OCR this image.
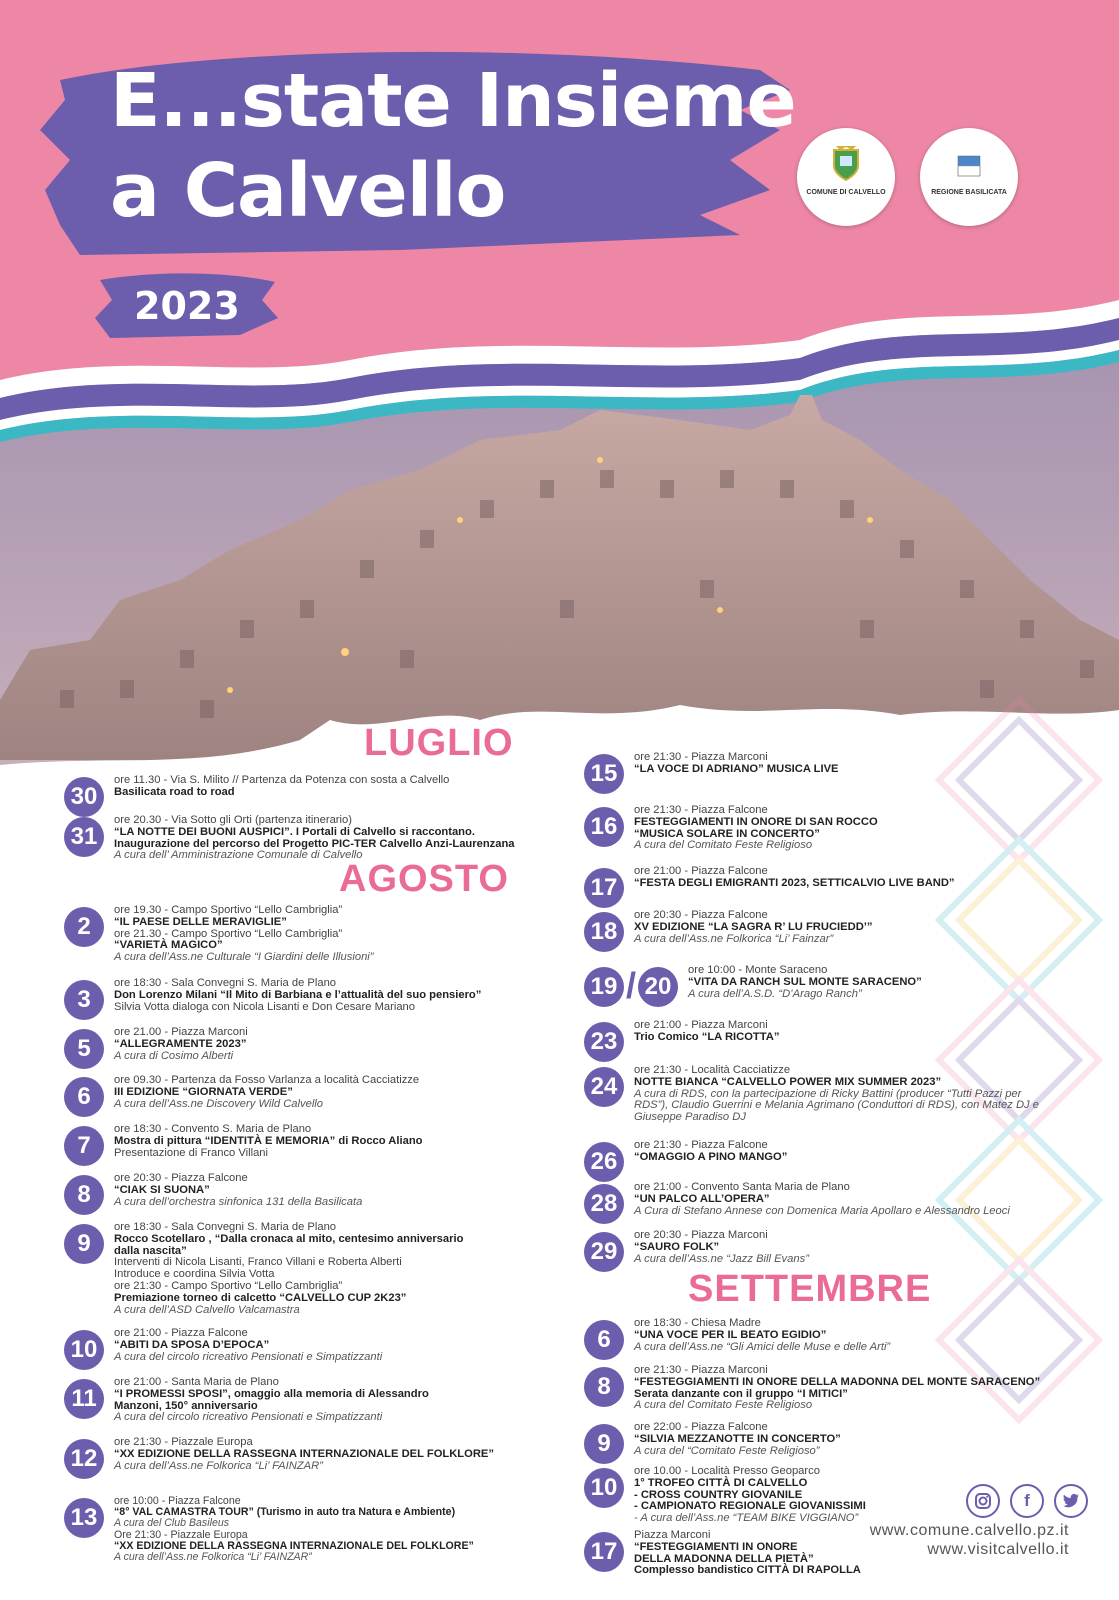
E...state Insieme
a Calvello
2023
COMUNE DI CALVELLO	REGIONE BASILICATA
LUGLIO
AGOSTO
SETTEMBRE
30
ore 11.30 - Via S. Milito // Partenza da Potenza con sosta a Calvello
Basilicata road to road
31
ore 20.30 - Via Sotto gli Orti (partenza itinerario)
“LA NOTTE DEI BUONI AUSPICI”. I Portali di Calvello si raccontano.
Inaugurazione del percorso del Progetto PIC-TER Calvello Anzi-Laurenzana
A cura dell’ Amministrazione Comunale di Calvello
2
ore 19.30 - Campo Sportivo “Lello Cambriglia”
“IL PAESE DELLE MERAVIGLIE”
ore 21.30 - Campo Sportivo “Lello Cambriglia”
“VARIETÀ MAGICO”
A cura dell’Ass.ne Culturale “I Giardini delle Illusioni”
3
ore 18:30 - Sala Convegni S. Maria de Plano
Don Lorenzo Milani “Il Mito di Barbiana e l’attualità del suo pensiero”
Silvia Votta dialoga con Nicola Lisanti e Don Cesare Mariano
5
ore 21.00 - Piazza Marconi
“ALLEGRAMENTE 2023”
A cura di Cosimo Alberti
6
ore 09.30 - Partenza da Fosso Varlanza a località Cacciatizze
III EDIZIONE “GIORNATA VERDE”
A cura dell’Ass.ne Discovery Wild Calvello
7
ore 18:30 - Convento S. Maria de Plano
Mostra di pittura “IDENTITÀ E MEMORIA” di Rocco Aliano
Presentazione di Franco Villani
8
ore 20:30 - Piazza Falcone
“CIAK SI SUONA”
A cura dell’orchestra sinfonica 131 della Basilicata
9
ore 18:30 - Sala Convegni S. Maria de Plano
Rocco Scotellaro , “Dalla cronaca al mito, centesimo anniversario
dalla nascita”
Interventi di Nicola Lisanti, Franco Villani e Roberta Alberti
Introduce e coordina Silvia Votta
ore 21:30 - Campo Sportivo “Lello Cambriglia”
Premiazione torneo di calcetto “CALVELLO CUP 2K23”
A cura dell’ASD Calvello Valcamastra
10
ore 21:00 - Piazza Falcone
“ABITI DA SPOSA D’EPOCA”
A cura del circolo ricreativo Pensionati e Simpatizzanti
11
ore 21:00 - Santa Maria de Plano
“I PROMESSI SPOSI”, omaggio alla memoria di Alessandro
Manzoni, 150° anniversario
A cura del circolo ricreativo Pensionati e Simpatizzanti
12
ore 21:30 - Piazzale Europa
“XX EDIZIONE DELLA RASSEGNA INTERNAZIONALE DEL FOLKLORE”
A cura dell’Ass.ne Folkorica “Li’ FAINZAR”
13
ore 10:00 - Piazza Falcone
“8° VAL CAMASTRA TOUR” (Turismo in auto tra Natura e Ambiente)
A cura del Club Basileus
Ore 21:30 - Piazzale Europa
“XX EDIZIONE DELLA RASSEGNA INTERNAZIONALE DEL FOLKLORE”
A cura dell’Ass.ne Folkorica “Li’ FAINZAR”
15
ore 21:30 - Piazza Marconi
“LA VOCE DI ADRIANO” MUSICA LIVE
16
ore 21:30 - Piazza Falcone
FESTEGGIAMENTI IN ONORE DI SAN ROCCO
“MUSICA SOLARE IN CONCERTO”
A cura del Comitato Feste Religioso
17
ore 21:00 - Piazza Falcone
“FESTA DEGLI EMIGRANTI 2023, SETTICALVIO LIVE BAND”
18
ore 20:30 - Piazza Falcone
XV EDIZIONE “LA SAGRA R’ LU FRUCIEDD’”
A cura dell’Ass.ne Folkorica “Li’ Fainzar”
19 / 20
ore 10:00 - Monte Saraceno
“VITA DA RANCH SUL MONTE SARACENO”
A cura dell’A.S.D. “D’Arago Ranch”
23
ore 21:00 - Piazza Marconi
Trio Comico “LA RICOTTA”
24
ore 21:30 - Località Cacciatizze
NOTTE BIANCA “CALVELLO POWER MIX SUMMER 2023”
A cura di RDS, con la partecipazione di Ricky Battini (producer “Tutti Pazzi per RDS”), Claudio Guerrini e Melania Agrimano (Conduttori di RDS), con Matez DJ e Giuseppe Paradiso DJ
26
ore 21:30 - Piazza Falcone
“OMAGGIO A PINO MANGO”
28
ore 21:00 - Convento Santa Maria de Plano
“UN PALCO ALL’OPERA”
A Cura di Stefano Annese con Domenica Maria Apollaro e Alessandro Leoci
29
ore 20:30 - Piazza Marconi
“SAURO FOLK”
A cura dell’Ass.ne “Jazz Bill Evans”
6
ore 18:30 - Chiesa Madre
“UNA VOCE PER IL BEATO EGIDIO”
A cura dell’Ass.ne “Gli Amici delle Muse e delle Arti”
8
ore 21:30 - Piazza Marconi
“FESTEGGIAMENTI IN ONORE DELLA MADONNA DEL MONTE SARACENO”
Serata danzante con il gruppo “I MITICI”
A cura del Comitato Feste Religioso
9
ore 22:00 - Piazza Falcone
“SILVIA MEZZANOTTE IN CONCERTO”
A cura del “Comitato Feste Religioso”
10
ore 10.00 - Località Presso Geoparco
1° TROFEO CITTÀ DI CALVELLO
- CROSS COUNTRY GIOVANILE
- CAMPIONATO REGIONALE GIOVANISSIMI
- A cura dell’Ass.ne “TEAM BIKE VIGGIANO”
17
Piazza Marconi
“FESTEGGIAMENTI IN ONORE
DELLA MADONNA DELLA PIETÀ”
Complesso bandistico CITTÀ DI RAPOLLA
f
www.comune.calvello.pz.it
www.visitcalvello.it
